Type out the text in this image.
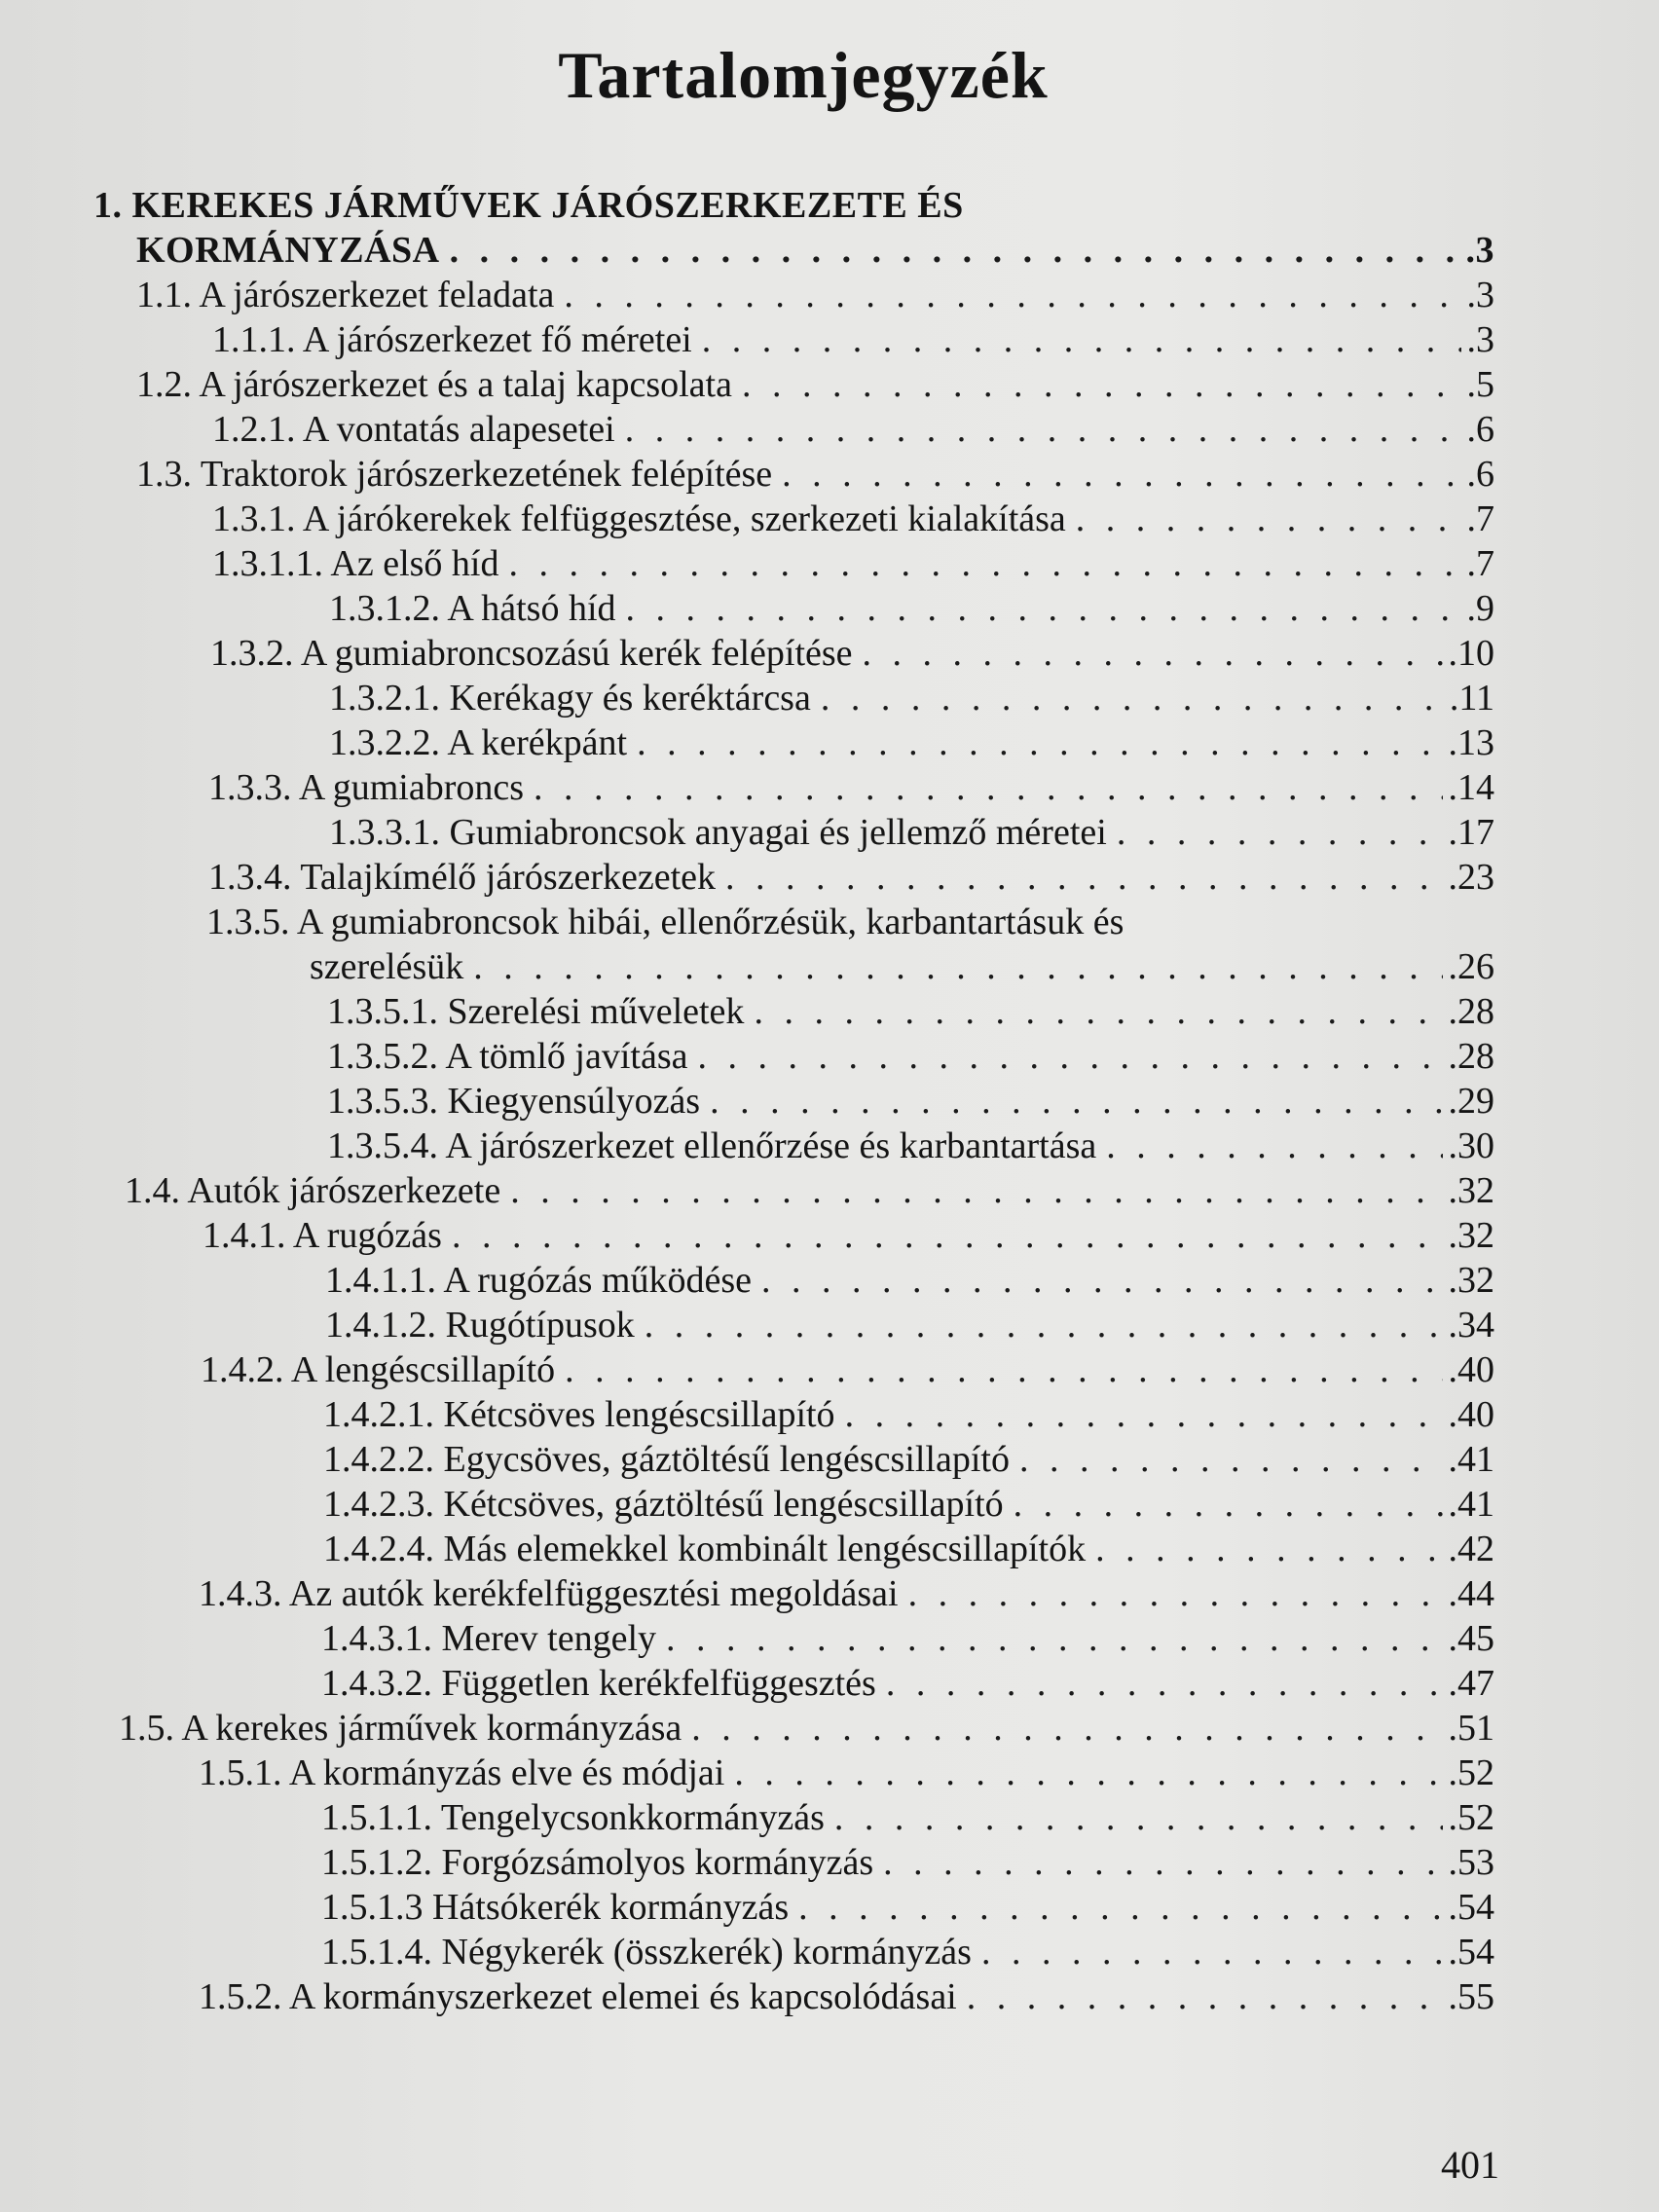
Tartalomjegyzék
1. KEREKES JÁRMŰVEK JÁRÓSZERKEZETE ÉS
KORMÁNYZÁSA . . .	.3
1.1. A járószerkezet feladata . . .	.3
1.1.1. A járószerkezet fő méretei . . .	.3
1.2. A járószerkezet és a talaj kapcsolata . . .	.5
1.2.1. A vontatás alapesetei . . .	.6
1.3. Traktorok járószerkezetének felépítése . . .	.6
1.3.1. A járókerekek felfüggesztése, szerkezeti kialakítása . . .	.7
1.3.1.1. Az első híd . . .	.7
1.3.1.2. A hátsó híd . . .	.9
1.3.2. A gumiabroncsozású kerék felépítése . . .	.10
1.3.2.1. Kerékagy és keréktárcsa . . .	.11
1.3.2.2. A kerékpánt . . .	.13
1.3.3. A gumiabroncs . . .	.14
1.3.3.1. Gumiabroncsok anyagai és jellemző méretei . . .	.17
1.3.4. Talajkímélő járószerkezetek . . .	.23
1.3.5. A gumiabroncsok hibái, ellenőrzésük, karbantartásuk és
szerelésük . . .	.26
1.3.5.1. Szerelési műveletek . . .	.28
1.3.5.2. A tömlő javítása . . .	.28
1.3.5.3. Kiegyensúlyozás . . .	.29
1.3.5.4. A járószerkezet ellenőrzése és karbantartása . . .	.30
1.4. Autók járószerkezete . . .	.32
1.4.1. A rugózás . . .	.32
1.4.1.1. A rugózás működése . . .	.32
1.4.1.2. Rugótípusok . . .	.34
1.4.2. A lengéscsillapító . . .	.40
1.4.2.1. Kétcsöves lengéscsillapító . . .	.40
1.4.2.2. Egycsöves, gáztöltésű lengéscsillapító . . .	.41
1.4.2.3. Kétcsöves, gáztöltésű lengéscsillapító . . .	.41
1.4.2.4. Más elemekkel kombinált lengéscsillapítók . . .	.42
1.4.3. Az autók kerékfelfüggesztési megoldásai . . .	.44
1.4.3.1. Merev tengely . . .	.45
1.4.3.2. Független kerékfelfüggesztés . . .	.47
1.5. A kerekes járművek kormányzása . . .	.51
1.5.1. A kormányzás elve és módjai . . .	.52
1.5.1.1. Tengelycsonkkormányzás . . .	.52
1.5.1.2. Forgózsámolyos kormányzás . . .	.53
1.5.1.3 Hátsókerék kormányzás . . .	.54
1.5.1.4. Négykerék (összkerék) kormányzás . . .	.54
1.5.2. A kormányszerkezet elemei és kapcsolódásai . . .	.55
401
